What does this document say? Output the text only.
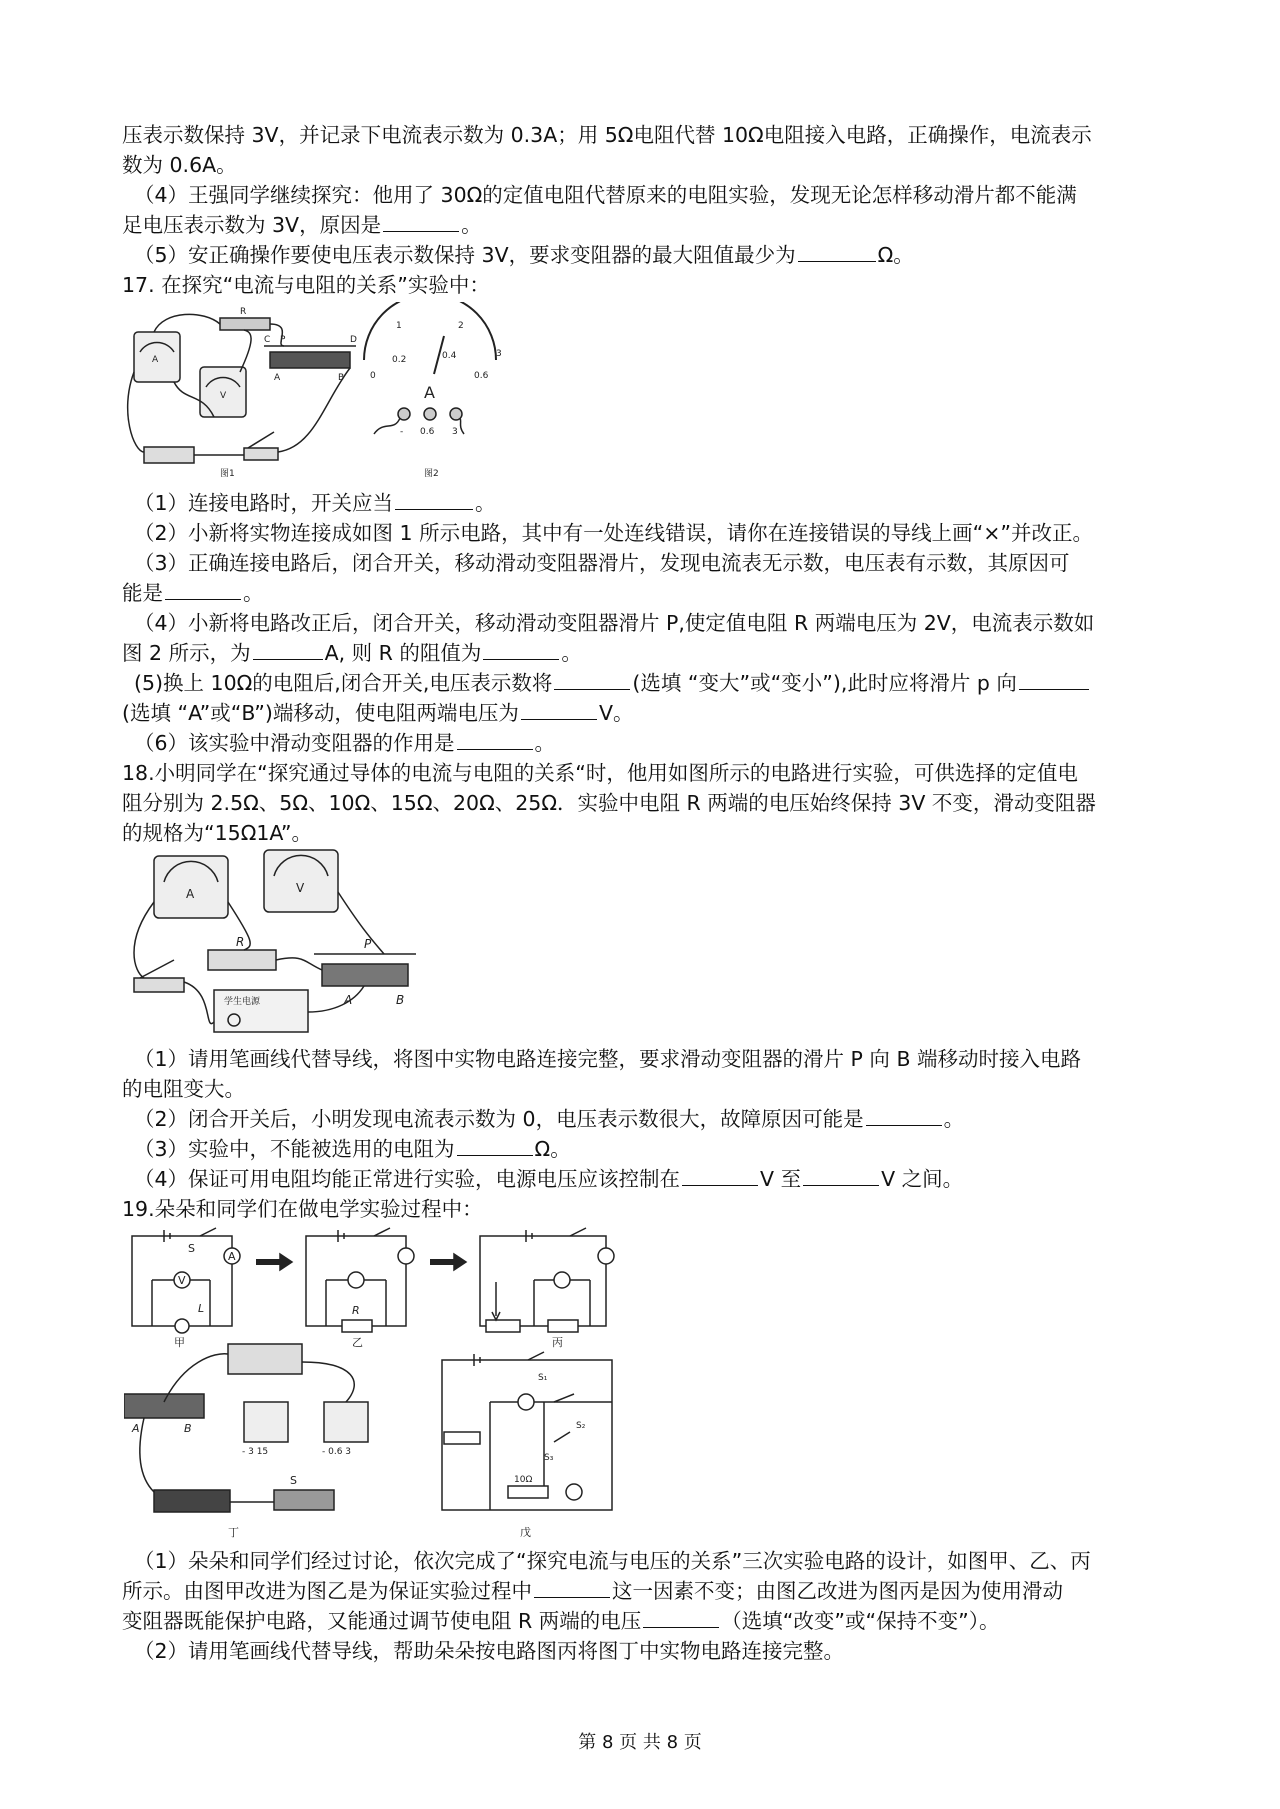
压表示数保持 3V，并记录下电流表示数为 0.3A；用 5Ω电阻代替 10Ω电阻接入电路，正确操作，电流表示
数为 0.6A。
（4）王强同学继续探究：他用了 30Ω的定值电阻代替原来的电阻实验，发现无论怎样移动滑片都不能满
足电压表示数为 3V，原因是	。
（5）安正确操作要使电压表示数保持 3V，要求变阻器的最大阻值最少为	Ω。
17. 在探究“电流与电阻的关系”实验中：
R
C P	D
A	B
A
V
0
1	2
3
0.2	0.4
0.6
A
- 0.6 3
图1	图2
（1）连接电路时，开关应当	。
（2）小新将实物连接成如图 1 所示电路，其中有一处连线错误，请你在连接错误的导线上画“×”并改正。
（3）正确连接电路后，闭合开关，移动滑动变阻器滑片，发现电流表无示数，电压表有示数，其原因可
能是	。
（4）小新将电路改正后，闭合开关，移动滑动变阻器滑片 P,使定值电阻 R 两端电压为 2V，电流表示数如
图 2 所示，为	A, 则 R 的阻值为	。
(5)换上 10Ω的电阻后,闭合开关,电压表示数将	(选填 “变大”或“变小”),此时应将滑片 p 向
(选填 “A”或“B”)端移动，使电阻两端电压为	V。
（6）该实验中滑动变阻器的作用是	。
18.小明同学在“探究通过导体的电流与电阻的关系“时，他用如图所示的电路进行实验，可供选择的定值电
阻分别为 2.5Ω、5Ω、10Ω、15Ω、20Ω、25Ω．实验中电阻 R 两端的电压始终保持 3V 不变，滑动变阻器
的规格为“15Ω1A”。
A	V
R	P
A	B
学生电源
（1）请用笔画线代替导线，将图中实物电路连接完整，要求滑动变阻器的滑片 P 向 B 端移动时接入电路
的电阻变大。
（2）闭合开关后，小明发现电流表示数为 0，电压表示数很大，故障原因可能是	。
（3）实验中，不能被选用的电阻为	Ω。
（4）保证可用电阻均能正常进行实验，电源电压应该控制在	V 至	V 之间。
19.朵朵和同学们在做电学实验过程中：
S
A
V
L
甲	乙
R
丙
丁	戊
S₁
S₂
S₃
10Ω
A	B
S
- 3 15	- 0.6 3
（1）朵朵和同学们经过讨论，依次完成了“探究电流与电压的关系”三次实验电路的设计，如图甲、乙、丙
所示。由图甲改进为图乙是为保证实验过程中	这一因素不变；由图乙改进为图丙是因为使用滑动
变阻器既能保护电路，又能通过调节使电阻 R 两端的电压	（选填“改变”或“保持不变”）。
（2）请用笔画线代替导线，帮助朵朵按电路图丙将图丁中实物电路连接完整。
第 8 页 共 8 页
